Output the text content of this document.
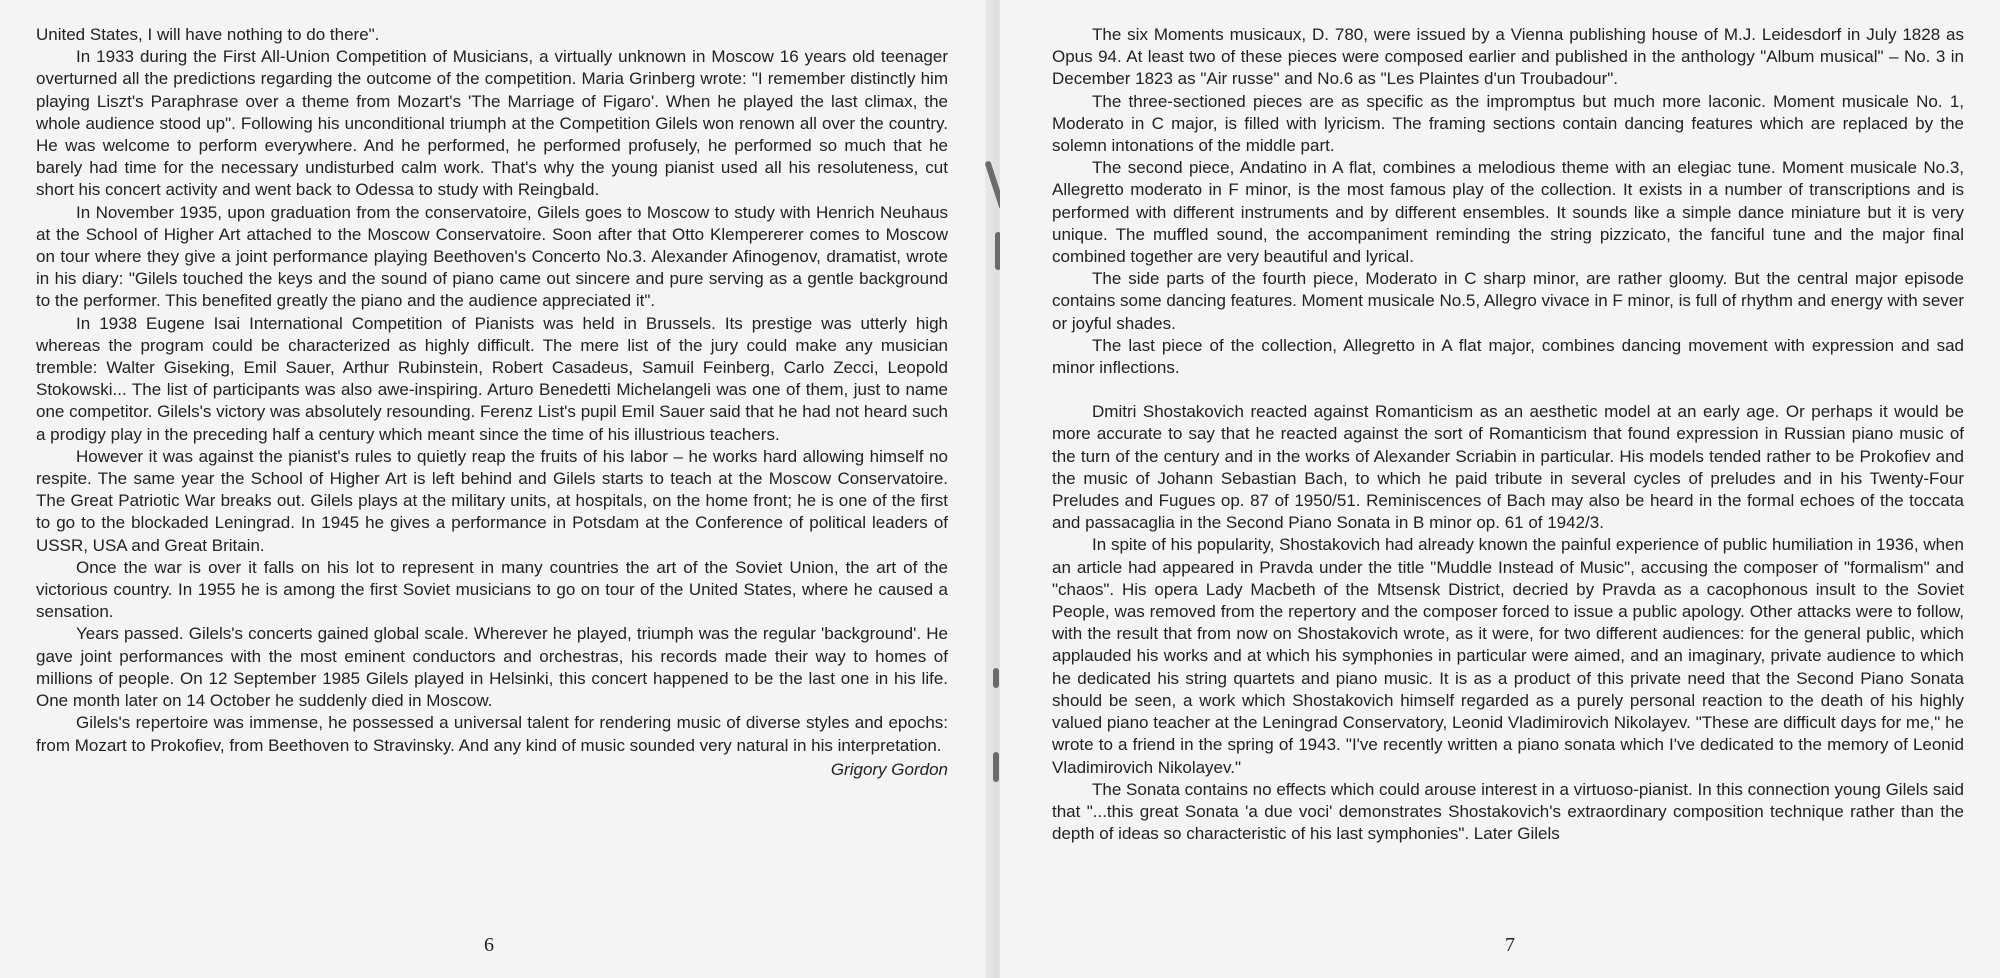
United States, I will have nothing to do there".

In 1933 during the First All-Union Competition of Musicians, a virtually unknown in Moscow 16 years old teenager overturned all the predictions regarding the outcome of the competition. Maria Grinberg wrote: "I remember distinctly him playing Liszt's Paraphrase over a theme from Mozart's 'The Marriage of Figaro'. When he played the last climax, the whole audience stood up". Following his unconditional triumph at the Competition Gilels won renown all over the country. He was welcome to perform everywhere. And he performed, he performed profusely, he performed so much that he barely had time for the necessary undisturbed calm work. That's why the young pianist used all his resoluteness, cut short his concert activity and went back to Odessa to study with Reingbald.

In November 1935, upon graduation from the conservatoire, Gilels goes to Moscow to study with Henrich Neuhaus at the School of Higher Art attached to the Moscow Conservatoire. Soon after that Otto Klempererer comes to Moscow on tour where they give a joint performance playing Beethoven's Concerto No.3. Alexander Afinogenov, dramatist, wrote in his diary: "Gilels touched the keys and the sound of piano came out sincere and pure serving as a gentle background to the performer. This benefited greatly the piano and the audience appreciated it".

In 1938 Eugene Isai International Competition of Pianists was held in Brussels. Its prestige was utterly high whereas the program could be characterized as highly difficult. The mere list of the jury could make any musician tremble: Walter Giseking, Emil Sauer, Arthur Rubinstein, Robert Casadeus, Samuil Feinberg, Carlo Zecci, Leopold Stokowski... The list of participants was also awe-inspiring. Arturo Benedetti Michelangeli was one of them, just to name one competitor. Gilels's victory was absolutely resounding. Ferenz List's pupil Emil Sauer said that he had not heard such a prodigy play in the preceding half a century which meant since the time of his illustrious teachers.

However it was against the pianist's rules to quietly reap the fruits of his labor – he works hard allowing himself no respite. The same year the School of Higher Art is left behind and Gilels starts to teach at the Moscow Conservatoire. The Great Patriotic War breaks out. Gilels plays at the military units, at hospitals, on the home front; he is one of the first to go to the blockaded Leningrad. In 1945 he gives a performance in Potsdam at the Conference of political leaders of USSR, USA and Great Britain.

Once the war is over it falls on his lot to represent in many countries the art of the Soviet Union, the art of the victorious country. In 1955 he is among the first Soviet musicians to go on tour of the United States, where he caused a sensation.

Years passed. Gilels's concerts gained global scale. Wherever he played, triumph was the regular 'background'. He gave joint performances with the most eminent conductors and orchestras, his records made their way to homes of millions of people. On 12 September 1985 Gilels played in Helsinki, this concert happened to be the last one in his life. One month later on 14 October he suddenly died in Moscow.

Gilels's repertoire was immense, he possessed a universal talent for rendering music of diverse styles and epochs: from Mozart to Prokofiev, from Beethoven to Stravinsky. And any kind of music sounded very natural in his interpretation.

Grigory Gordon
6

The six Moments musicaux, D. 780, were issued by a Vienna publishing house of M.J. Leidesdorf in July 1828 as Opus 94. At least two of these pieces were composed earlier and published in the anthology "Album musical" – No. 3 in December 1823 as "Air russe" and No.6 as "Les Plaintes d'un Troubadour".

The three-sectioned pieces are as specific as the impromptus but much more laconic. Moment musicale No. 1, Moderato in C major, is filled with lyricism. The framing sections contain dancing features which are replaced by the solemn intonations of the middle part.

The second piece, Andatino in A flat, combines a melodious theme with an elegiac tune. Moment musicale No.3, Allegretto moderato in F minor, is the most famous play of the collection. It exists in a number of transcriptions and is performed with different instruments and by different ensembles. It sounds like a simple dance miniature but it is very unique. The muffled sound, the accompaniment reminding the string pizzicato, the fanciful tune and the major final combined together are very beautiful and lyrical.

The side parts of the fourth piece, Moderato in C sharp minor, are rather gloomy. But the central major episode contains some dancing features. Moment musicale No.5, Allegro vivace in F minor, is full of rhythm and energy with sever or joyful shades.

The last piece of the collection, Allegretto in A flat major, combines dancing movement with expression and sad minor inflections.

Dmitri Shostakovich reacted against Romanticism as an aesthetic model at an early age. Or perhaps it would be more accurate to say that he reacted against the sort of Romanticism that found expression in Russian piano music of the turn of the century and in the works of Alexander Scriabin in particular. His models tended rather to be Prokofiev and the music of Johann Sebastian Bach, to which he paid tribute in several cycles of preludes and in his Twenty-Four Preludes and Fugues op. 87 of 1950/51. Reminiscences of Bach may also be heard in the formal echoes of the toccata and passacaglia in the Second Piano Sonata in B minor op. 61 of 1942/3.

In spite of his popularity, Shostakovich had already known the painful experience of public humiliation in 1936, when an article had appeared in Pravda under the title "Muddle Instead of Music", accusing the composer of "formalism" and "chaos". His opera Lady Macbeth of the Mtsensk District, decried by Pravda as a cacophonous insult to the Soviet People, was removed from the repertory and the composer forced to issue a public apology. Other attacks were to follow, with the result that from now on Shostakovich wrote, as it were, for two different audiences: for the general public, which applauded his works and at which his symphonies in particular were aimed, and an imaginary, private audience to which he dedicated his string quartets and piano music. It is as a product of this private need that the Second Piano Sonata should be seen, a work which Shostakovich himself regarded as a purely personal reaction to the death of his highly valued piano teacher at the Leningrad Conservatory, Leonid Vladimirovich Nikolayev. "These are difficult days for me," he wrote to a friend in the spring of 1943. "I've recently written a piano sonata which I've dedicated to the memory of Leonid Vladimirovich Nikolayev."

The Sonata contains no effects which could arouse interest in a virtuoso-pianist. In this connection young Gilels said that "...this great Sonata 'a due voci' demonstrates Shostakovich's extraordinary composition technique rather than the depth of ideas so characteristic of his last symphonies". Later Gilels

7
